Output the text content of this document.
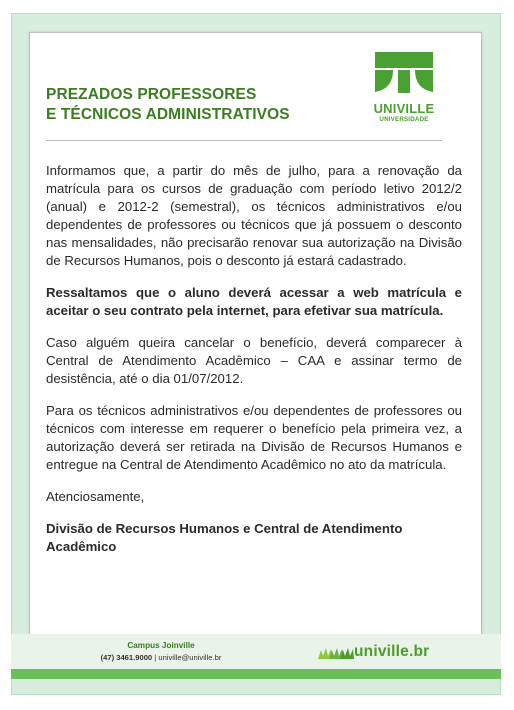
PREZADOS PROFESSORES
E TÉCNICOS ADMINISTRATIVOS	UNIVILLE
UNIVERSIDADE

Informamos que, a partir do mês de julho, para a renovação da matrícula para os cursos de graduação com período letivo 2012/2 (anual) e 2012-2 (semestral), os técnicos administrativos e/ou dependentes de professores ou técnicos que já possuem o desconto nas mensalidades, não precisarão renovar sua autorização na Divisão de Recursos Humanos, pois o desconto já estará cadastrado.

Ressaltamos que o aluno deverá acessar a web matrícula e aceitar o seu contrato pela internet, para efetivar sua matrícula.

Caso alguém queira cancelar o benefício, deverá comparecer à Central de Atendimento Acadêmico – CAA e assinar termo de desistência, até o dia 01/07/2012.

Para os técnicos administrativos e/ou dependentes de professores ou técnicos com interesse em requerer o benefício pela primeira vez, a autorização deverá ser retirada na Divisão de Recursos Humanos e entregue na Central de Atendimento Acadêmico no ato da matrícula.

Atenciosamente,

Divisão de Recursos Humanos e Central de Atendimento Acadêmico

Campus Joinville
(47) 3461.9000 | univille@univille.br	univille.br
